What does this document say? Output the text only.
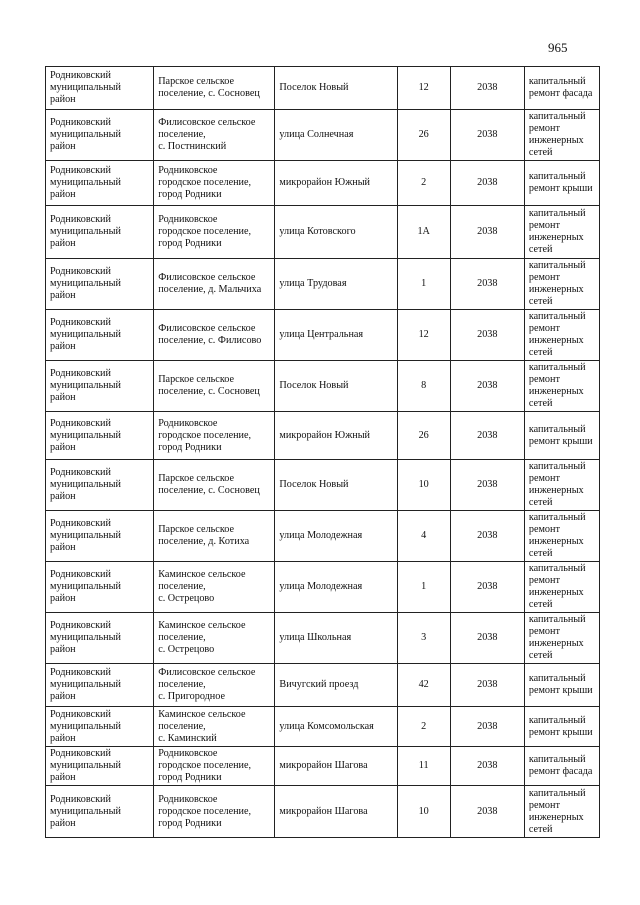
965
Родниковский
муниципальный
район	Парское сельское
поселение, с. Сосновец	Поселок Новый	12	2038	капитальный
ремонт фасада

Родниковский
муниципальный
район	Филисовское сельское
поселение,
с. Постнинский	улица Солнечная	26	2038	капитальный
ремонт
инженерных
сетей

Родниковский
муниципальный
район	Родниковское
городское поселение,
город Родники	микрорайон Южный	2	2038	капитальный
ремонт крыши

Родниковский
муниципальный
район	Родниковское
городское поселение,
город Родники	улица Котовского	1А	2038	капитальный
ремонт
инженерных
сетей

Родниковский
муниципальный
район	Филисовское сельское
поселение, д. Мальчиха	улица Трудовая	1	2038	капитальный
ремонт
инженерных
сетей

Родниковский
муниципальный
район	Филисовское сельское
поселение, с. Филисово	улица Центральная	12	2038	капитальный
ремонт
инженерных
сетей

Родниковский
муниципальный
район	Парское сельское
поселение, с. Сосновец	Поселок Новый	8	2038	капитальный
ремонт
инженерных
сетей

Родниковский
муниципальный
район	Родниковское
городское поселение,
город Родники	микрорайон Южный	26	2038	капитальный
ремонт крыши

Родниковский
муниципальный
район	Парское сельское
поселение, с. Сосновец	Поселок Новый	10	2038	капитальный
ремонт
инженерных
сетей

Родниковский
муниципальный
район	Парское сельское
поселение, д. Котиха	улица Молодежная	4	2038	капитальный
ремонт
инженерных
сетей

Родниковский
муниципальный
район	Каминское сельское
поселение,
с. Острецово	улица Молодежная	1	2038	капитальный
ремонт
инженерных
сетей

Родниковский
муниципальный
район	Каминское сельское
поселение,
с. Острецово	улица Школьная	3	2038	капитальный
ремонт
инженерных
сетей

Родниковский
муниципальный
район	Филисовское сельское
поселение,
с. Пригородное	Вичугский проезд	42	2038	капитальный
ремонт крыши

Родниковский
муниципальный
район	Каминское сельское
поселение,
с. Каминский	улица Комсомольская	2	2038	капитальный
ремонт крыши

Родниковский
муниципальный
район	Родниковское
городское поселение,
город Родники	микрорайон Шагова	11	2038	капитальный
ремонт фасада

Родниковский
муниципальный
район	Родниковское
городское поселение,
город Родники	микрорайон Шагова	10	2038	капитальный
ремонт
инженерных
сетей
